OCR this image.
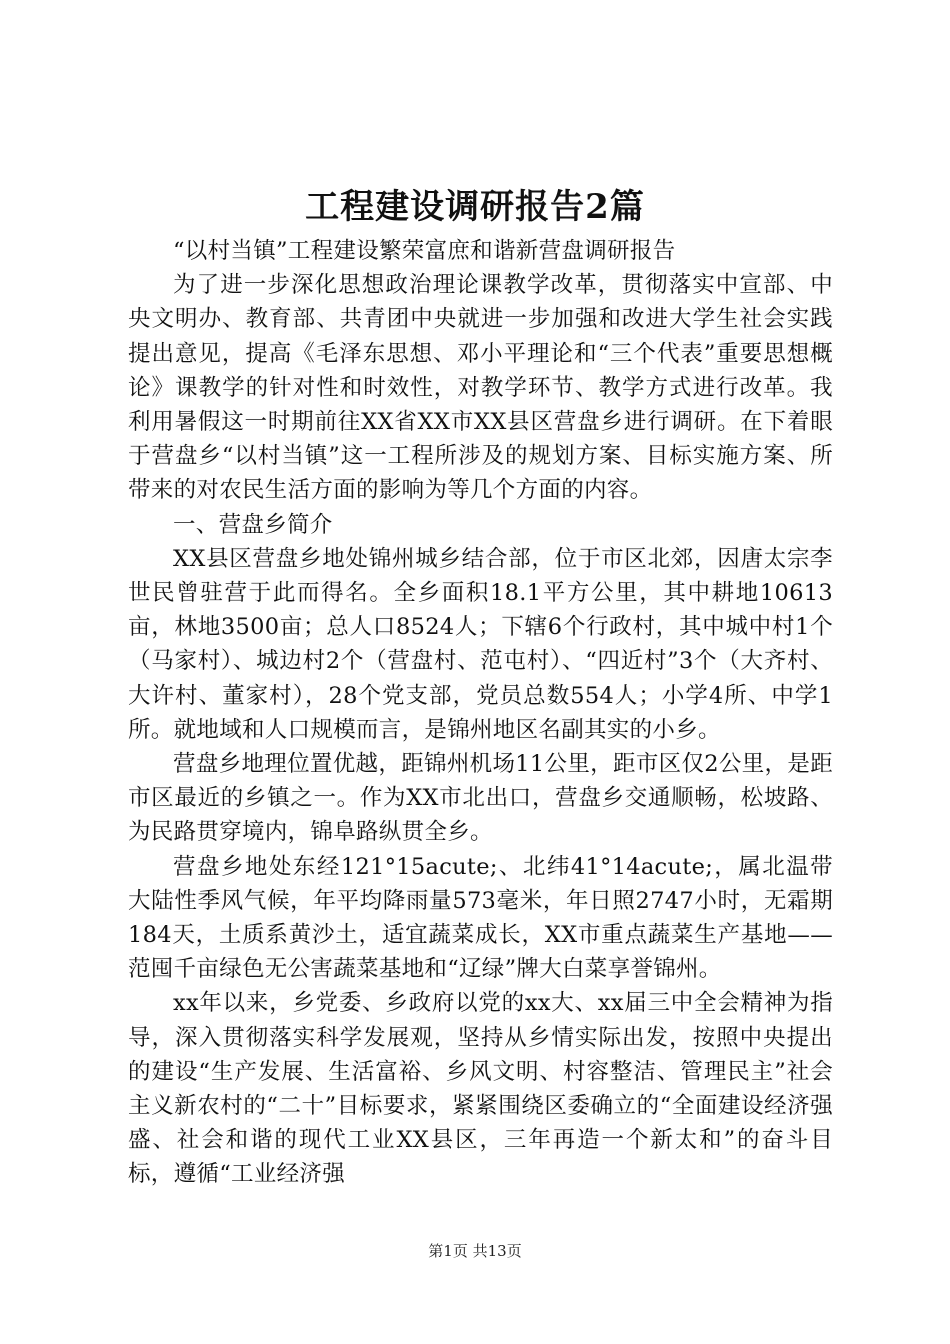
工程建设调研报告2篇

“以村当镇”工程建设繁荣富庶和谐新营盘调研报告

为了进一步深化思想政治理论课教学改革，贯彻落实中宣部、中央文明办、教育部、共青团中央就进一步加强和改进大学生社会实践提出意见，提高《毛泽东思想、邓小平理论和“三个代表”重要思想概论》课教学的针对性和时效性，对教学环节、教学方式进行改革。我利用暑假这一时期前往XX省XX市XX县区营盘乡进行调研。在下着眼于营盘乡“以村当镇”这一工程所涉及的规划方案、目标实施方案、所带来的对农民生活方面的影响为等几个方面的内容。

一、营盘乡简介

XX县区营盘乡地处锦州城乡结合部，位于市区北郊，因唐太宗李世民曾驻营于此而得名。全乡面积18.1平方公里，其中耕地10613亩，林地3500亩；总人口8524人；下辖6个行政村，其中城中村1个（马家村）、城边村2个（营盘村、范屯村）、“四近村”3个（大齐村、大许村、董家村），28个党支部，党员总数554人；小学4所、中学1所。就地域和人口规模而言，是锦州地区名副其实的小乡。

营盘乡地理位置优越，距锦州机场11公里，距市区仅2公里，是距市区最近的乡镇之一。作为XX市北出口，营盘乡交通顺畅，松坡路、为民路贯穿境内，锦阜路纵贯全乡。

营盘乡地处东经121°15acute;、北纬41°14acute;，属北温带大陆性季风气候，年平均降雨量573毫米，年日照2747小时，无霜期184天，土质系黄沙土，适宜蔬菜成长，XX市重点蔬菜生产基地——范囤千亩绿色无公害蔬菜基地和“辽绿”牌大白菜享誉锦州。

xx年以来，乡党委、乡政府以党的xx大、xx届三中全会精神为指导，深入贯彻落实科学发展观，坚持从乡情实际出发，按照中央提出的建设“生产发展、生活富裕、乡风文明、村容整洁、管理民主”社会主义新农村的“二十”目标要求，紧紧围绕区委确立的“全面建设经济强盛、社会和谐的现代工业XX县区，三年再造一个新太和”的奋斗目标，遵循“工业经济强

第1页 共13页
